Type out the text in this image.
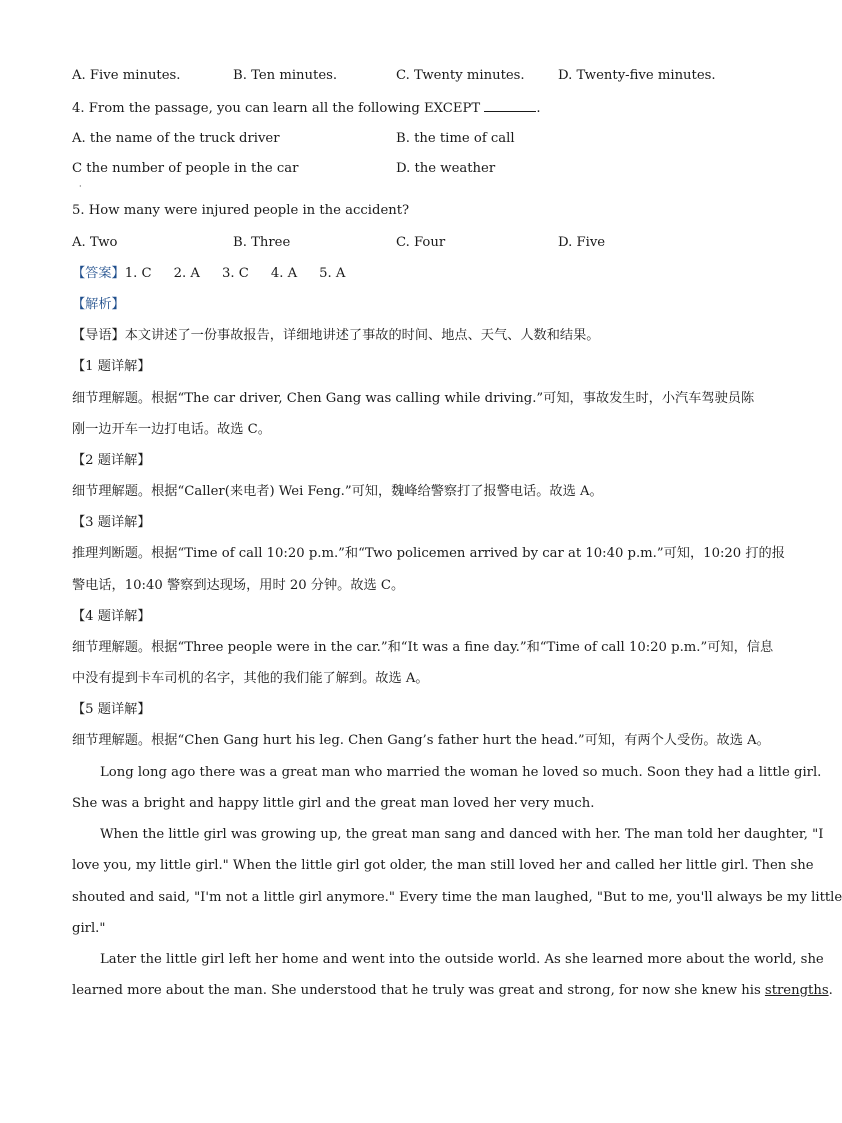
A. Five minutes.	B. Ten minutes.	C. Twenty minutes.	D. Twenty-five minutes.
4. From the passage, you can learn all the following EXCEPT	.
A. the name of the truck driver	B. the time of call
C the number of people in the car
·
D. the weather
5. How many were injured people in the accident?
A. Two	B. Three	C. Four	D. Five
【答案】1. C 2. A 3. C 4. A 5. A
【解析】
【导语】本文讲述了一份事故报告，详细地讲述了事故的时间、地点、天气、人数和结果。
【1 题详解】
细节理解题。根据“The car driver, Chen Gang was calling while driving.”可知，事故发生时，小汽车驾驶员陈
刚一边开车一边打电话。故选 C。
【2 题详解】
细节理解题。根据“Caller(来电者) Wei Feng.”可知，魏峰给警察打了报警电话。故选 A。
【3 题详解】
推理判断题。根据“Time of call 10:20 p.m.”和“Two policemen arrived by car at 10:40 p.m.”可知，10:20 打的报
警电话，10:40 警察到达现场，用时 20 分钟。故选 C。
【4 题详解】
细节理解题。根据“Three people were in the car.”和“It was a fine day.”和“Time of call 10:20 p.m.”可知，信息
中没有提到卡车司机的名字，其他的我们能了解到。故选 A。
【5 题详解】
细节理解题。根据“Chen Gang hurt his leg. Chen Gang’s father hurt the head.”可知，有两个人受伤。故选 A。
Long long ago there was a great man who married the woman he loved so much. Soon they had a little girl.
She was a bright and happy little girl and the great man loved her very much.
When the little girl was growing up, the great man sang and danced with her. The man told her daughter, "I
love you, my little girl." When the little girl got older, the man still loved her and called her little girl. Then she
shouted and said, "I'm not a little girl anymore." Every time the man laughed, "But to me, you'll always be my little
girl."
Later the little girl left her home and went into the outside world. As she learned more about the world, she
learned more about the man. She understood that he truly was great and strong, for now she knew his strengths.
